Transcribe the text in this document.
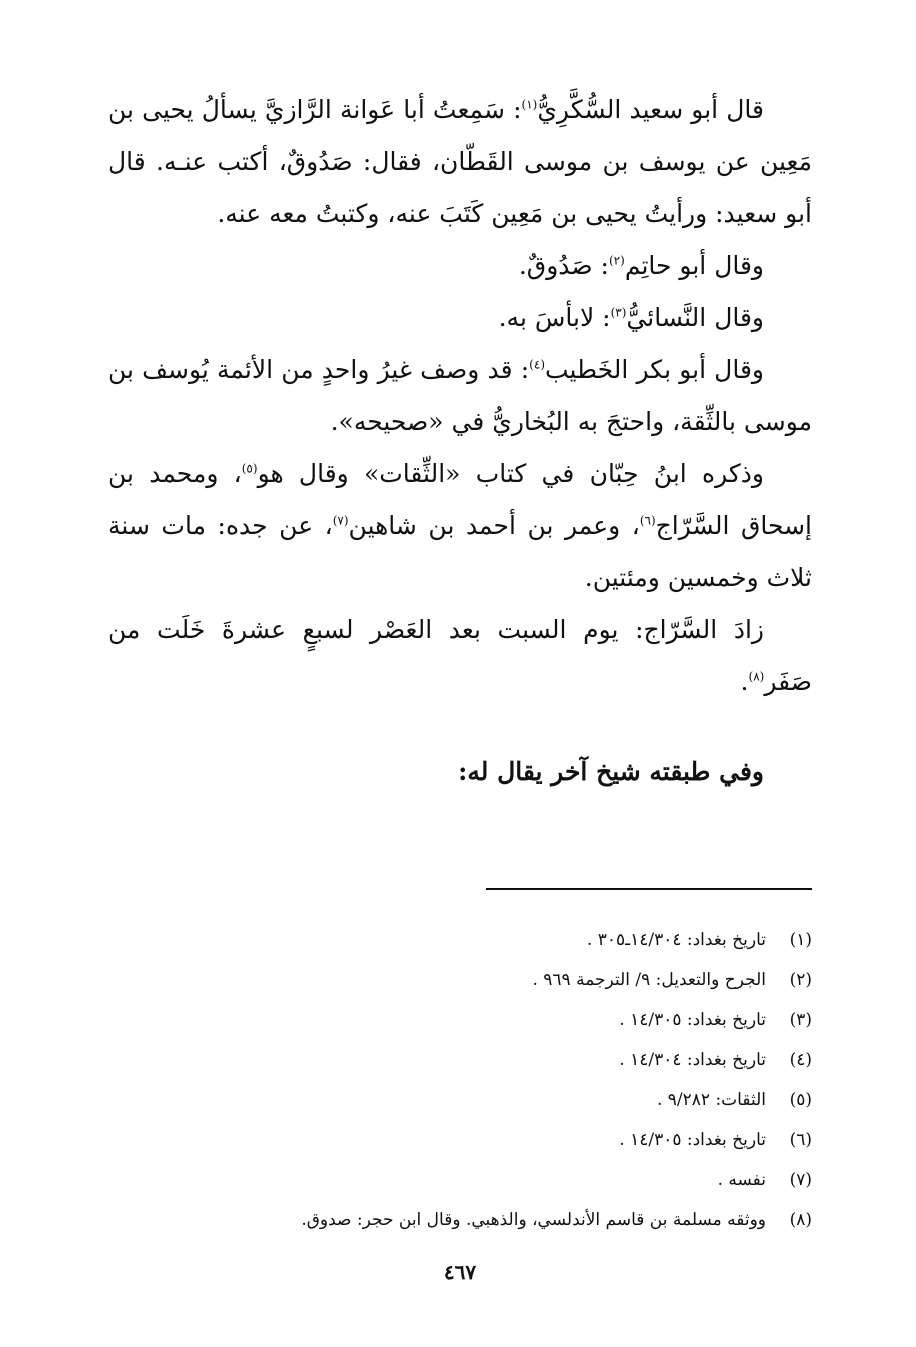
قال أبو سعيد السُّكَّرِيُّ$^{(١)}$: سَمِعتُ أبا عَوانة الرَّازيَّ يسألُ يحيى بن مَعِين عن يوسف بن موسى القَطّان، فقال: صَدُوقٌ، أكتب عنـه. قال أبو سعيد: ورأيتُ يحيى بن مَعِين كَتَبَ عنه، وكتبتُ معه عنه.

وقال أبو حاتِم$^{(٢)}$: صَدُوقٌ.

وقال النَّسائيُّ$^{(٣)}$: لابأسَ به.

وقال أبو بكر الخَطيب$^{(٤)}$: قد وصف غيرُ واحدٍ من الأئمة يُوسف بن موسى بالثِّقة، واحتجَ به البُخاريُّ في «صحيحه».

وذكره ابنُ حِبّان في كتاب «الثِّقات» وقال هو$^{(٥)}$، ومحمد بن إسحاق السَّرّاج$^{(٦)}$، وعمر بن أحمد بن شاهين$^{(٧)}$، عن جده: مات سنة ثلاث وخمسين ومئتين.

زادَ السَّرّاج: يوم السبت بعد العَصْر لسبعٍ عشرةَ خَلَت من صَفَر$^{(٨)}$.

وفي طبقته شيخ آخر يقال له:
(١)
تاريخ بغداد: ١٤/٣٠٤ـ٣٠٥ .
(٢)
الجرح والتعديل: ٩/ الترجمة ٩٦٩ .
(٣)
تاريخ بغداد: ١٤/٣٠٥ .
(٤)
تاريخ بغداد: ١٤/٣٠٤ .
(٥)
الثقات: ٩/٢٨٢ .
(٦)
تاريخ بغداد: ١٤/٣٠٥ .
(٧)
نفسه .
(٨)
ووثقه مسلمة بن قاسم الأندلسي، والذهبي. وقال ابن حجر: صدوق.
٤٦٧
